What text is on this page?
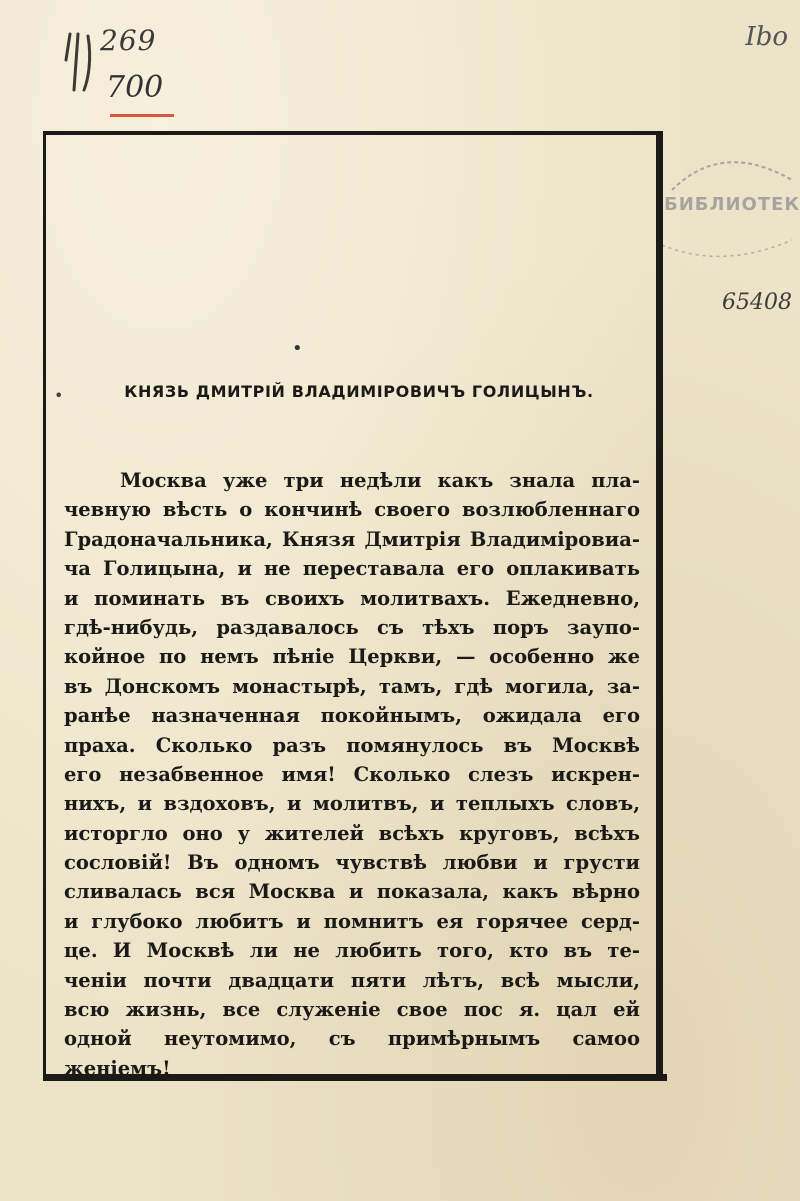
269
700
Ibo
65408
БИБЛИОТЕК
•
•	КНЯЗЬ ДМИТРІЙ ВЛАДИМІРОВИЧЪ ГОЛИЦЫНЪ.
Москва уже три недѣли какъ знала пла-
чевную вѣсть о кончинѣ своего возлюбленнаго
Градоначальника, Князя Дмитрія Владиміровиа-
ча Голицына, и не переставала его оплакивать
и поминать въ своихъ молитвахъ. Ежедневно,
гдѣ-нибудь, раздавалось съ тѣхъ поръ заупо-
койное по немъ пѣніе Церкви, — особенно же
въ Донскомъ монастырѣ, тамъ, гдѣ могила, за-
ранѣе назначенная покойнымъ, ожидала его
праха. Сколько разъ помянулось въ Москвѣ
его незабвенное имя! Сколько слезъ искрен-
нихъ, и вздоховъ, и молитвъ, и теплыхъ словъ,
исторгло оно у жителей всѣхъ круговъ, всѣхъ
сословій! Въ одномъ чувствѣ любви и грусти
сливалась вся Москва и показала, какъ вѣрно
и глубоко любитъ и помнитъ ея горячее серд-
це. И Москвѣ ли не любить того, кто въ те-
ченіи почти двадцати пяти лѣтъ, всѣ мысли,
всю жизнь, все служеніе свое пос я. цал ей
одной неутомимо, съ примѣрнымъ самоо
женіемъ!
